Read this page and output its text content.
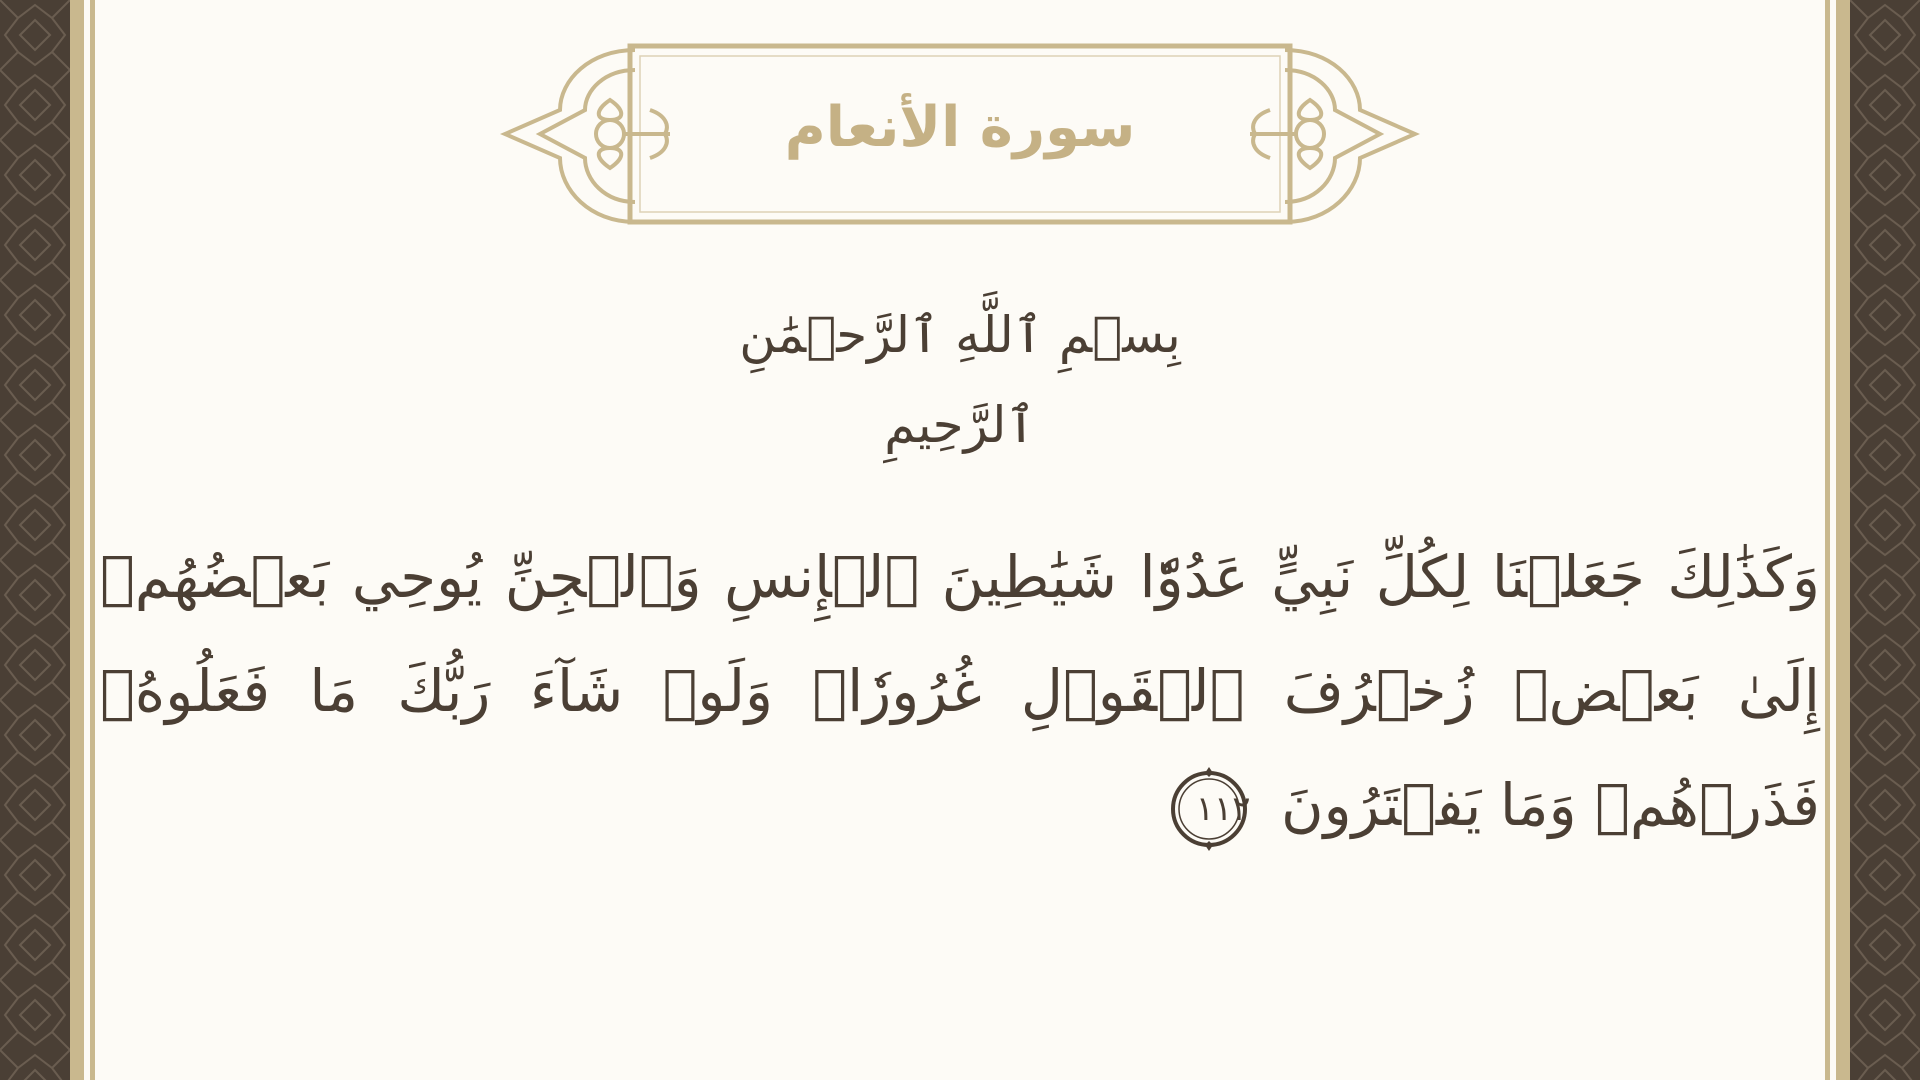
سورة الأنعام
بِسۡمِ ٱللَّهِ ٱلرَّحۡمَٰنِ ٱلرَّحِيمِ
وَكَذَٰلِكَ جَعَلۡنَا لِكُلِّ نَبِيٍّ عَدُوّٗا شَيَٰطِينَ ٱلۡإِنسِ وَٱلۡجِنِّ يُوحِي بَعۡضُهُمۡ إِلَىٰ بَعۡضٖ زُخۡرُفَ ٱلۡقَوۡلِ غُرُورٗاۚ وَلَوۡ شَآءَ رَبُّكَ مَا فَعَلُوهُۖ فَذَرۡهُمۡ وَمَا يَفۡتَرُونَ
١١٢
